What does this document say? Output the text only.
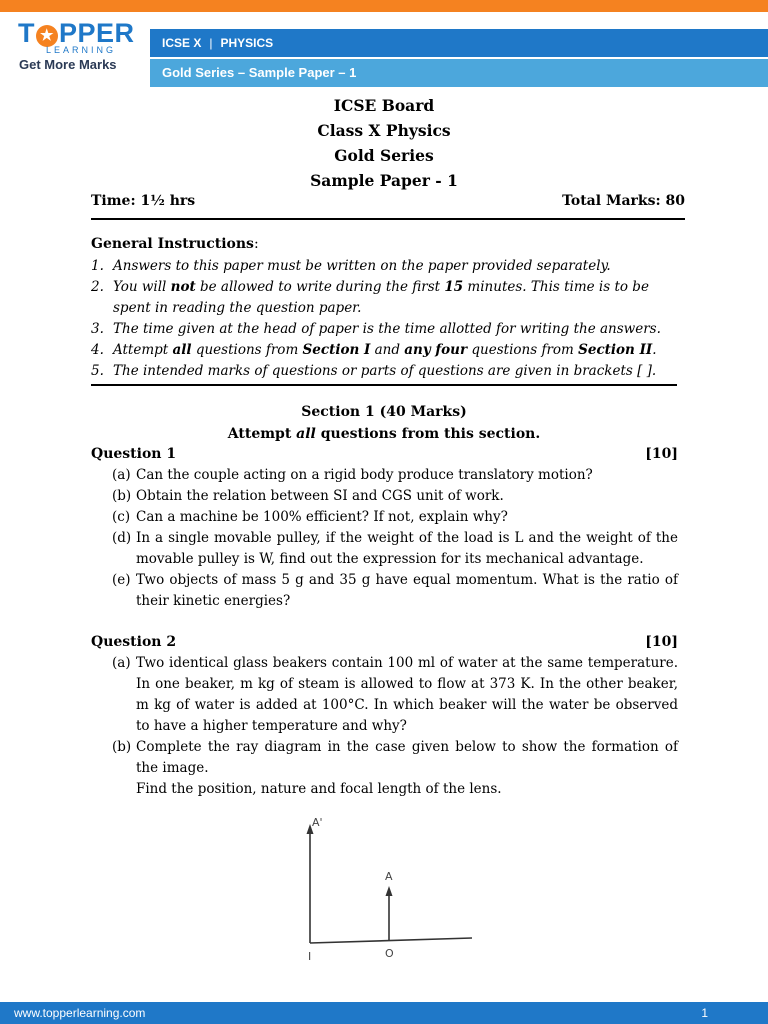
T ★ PPER
LEARNING
Get More Marks
ICSE X | PHYSICS
Gold Series – Sample Paper – 1
ICSE Board
Class X Physics
Gold Series
Sample Paper - 1
Time: 1½ hrs	Total Marks: 80
General Instructions:
1. Answers to this paper must be written on the paper provided separately.
2. You will not be allowed to write during the first 15 minutes. This time is to be spent in reading the question paper.
3. The time given at the head of paper is the time allotted for writing the answers.
4. Attempt all questions from Section I and any four questions from Section II.
5. The intended marks of questions or parts of questions are given in brackets [ ].
Section 1 (40 Marks)
Attempt all questions from this section.
Question 1	[10]
(a) Can the couple acting on a rigid body produce translatory motion?
(b) Obtain the relation between SI and CGS unit of work.
(c) Can a machine be 100% efficient? If not, explain why?
(d) In a single movable pulley, if the weight of the load is L and the weight of the movable pulley is W, find out the expression for its mechanical advantage.
(e) Two objects of mass 5 g and 35 g have equal momentum. What is the ratio of their kinetic energies?
Question 2	[10]
(a) Two identical glass beakers contain 100 ml of water at the same temperature. In one beaker, m kg of steam is allowed to flow at 373 K. In the other beaker, m kg of water is added at 100°C. In which beaker will the water be observed to have a higher temperature and why?
(b) Complete the ray diagram in the case given below to show the formation of the image.
Find the position, nature and focal length of the lens.
A'
A
I	O
www.topperlearning.com	1
